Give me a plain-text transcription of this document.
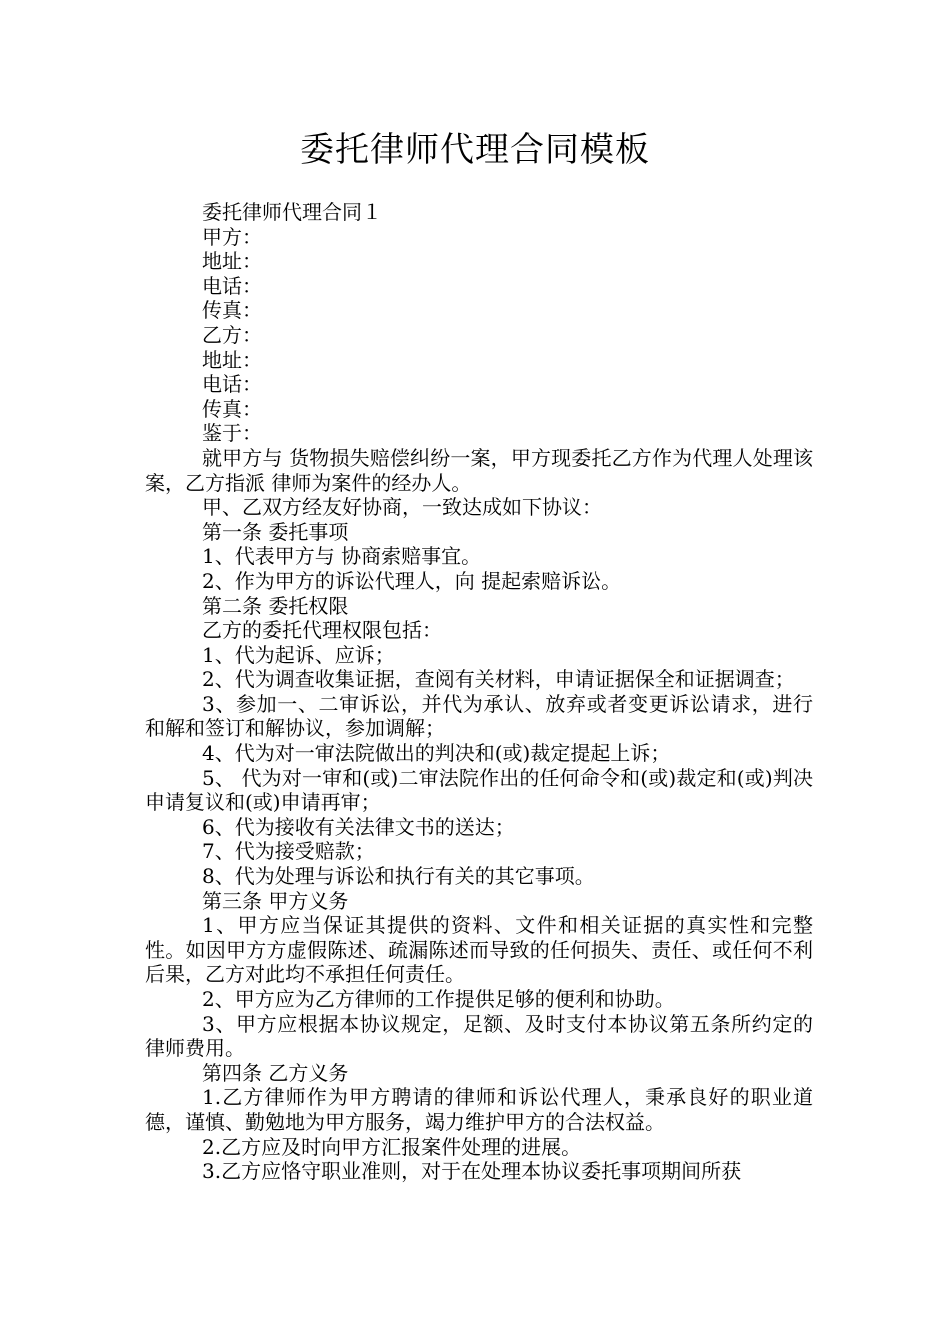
委托律师代理合同模板

委托律师代理合同１

甲方：

地址：

电话：

传真：

乙方：

地址：

电话：

传真：

鉴于：

就甲方与 货物损失赔偿纠纷一案，甲方现委托乙方作为代理人处理该案，乙方指派 律师为案件的经办人。

甲、乙双方经友好协商，一致达成如下协议：

第一条 委托事项

1、代表甲方与 协商索赔事宜。

2、作为甲方的诉讼代理人，向 提起索赔诉讼。

第二条 委托权限

乙方的委托代理权限包括：

1、代为起诉、应诉；

2、代为调查收集证据，查阅有关材料，申请证据保全和证据调查；

3、参加一、二审诉讼，并代为承认、放弃或者变更诉讼请求，进行和解和签订和解协议，参加调解；

4、代为对一审法院做出的判决和(或)裁定提起上诉；

5、 代为对一审和(或)二审法院作出的任何命令和(或)裁定和(或)判决申请复议和(或)申请再审；

6、代为接收有关法律文书的送达；

7、代为接受赔款；

8、代为处理与诉讼和执行有关的其它事项。

第三条 甲方义务

1、甲方应当保证其提供的资料、文件和相关证据的真实性和完整性。如因甲方方虚假陈述、疏漏陈述而导致的任何损失、责任、或任何不利后果，乙方对此均不承担任何责任。

2、甲方应为乙方律师的工作提供足够的便利和协助。

3、甲方应根据本协议规定，足额、及时支付本协议第五条所约定的律师费用。

第四条 乙方义务

1.乙方律师作为甲方聘请的律师和诉讼代理人，秉承良好的职业道德，谨慎、勤勉地为甲方服务，竭力维护甲方的合法权益。

2.乙方应及时向甲方汇报案件处理的进展。

3.乙方应恪守职业准则，对于在处理本协议委托事项期间所获
